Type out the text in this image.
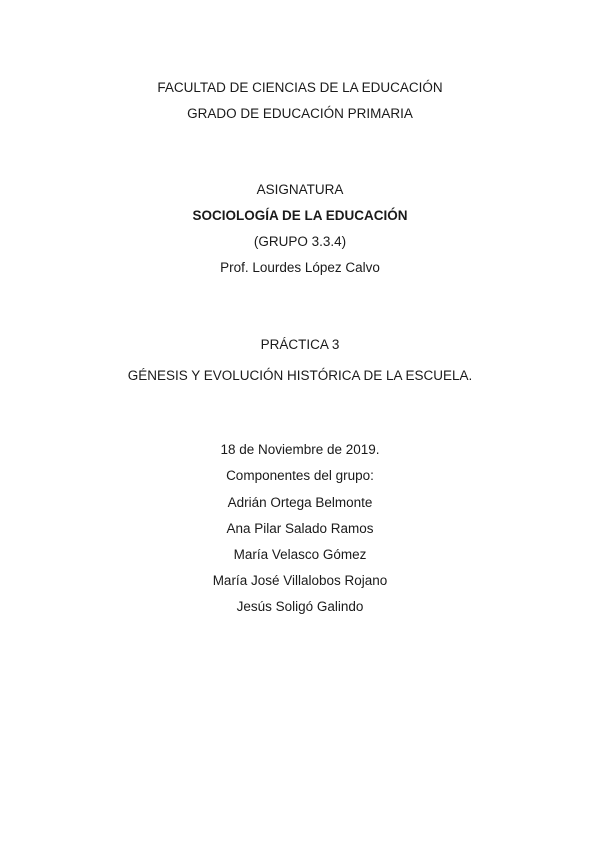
FACULTAD DE CIENCIAS DE LA EDUCACIÓN
GRADO DE EDUCACIÓN PRIMARIA
ASIGNATURA
SOCIOLOGÍA DE LA EDUCACIÓN
(GRUPO 3.3.4)
Prof. Lourdes López Calvo
PRÁCTICA 3
GÉNESIS Y EVOLUCIÓN HISTÓRICA DE LA ESCUELA.
18 de Noviembre de 2019.
Componentes del grupo:
Adrián Ortega Belmonte
Ana Pilar Salado Ramos
María Velasco Gómez
María José Villalobos Rojano
Jesús Soligó Galindo
